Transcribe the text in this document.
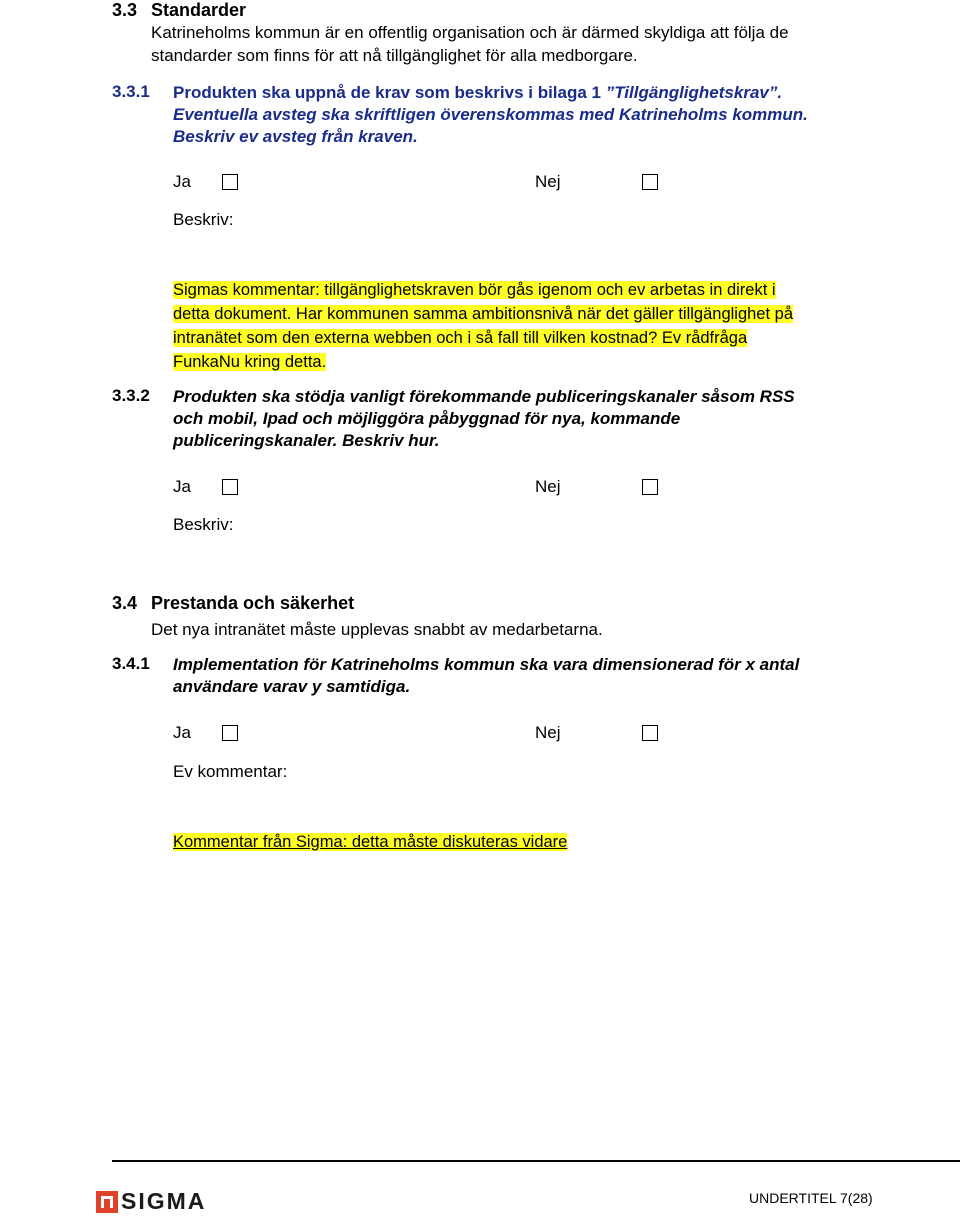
3.3 Standarder
Katrineholms kommun är en offentlig organisation och är därmed skyldiga att följa de
standarder som finns för att nå tillgänglighet för alla medborgare.
3.3.1 Produkten ska uppnå de krav som beskrivs i bilaga 1 ”Tillgänglighetskrav”.
Eventuella avsteg ska skriftligen överenskommas med Katrineholms kommun.
Beskriv ev avsteg från kraven.
Ja	Nej
Beskriv:
Sigmas kommentar: tillgänglighetskraven bör gås igenom och ev arbetas in direkt i
detta dokument. Har kommunen samma ambitionsnivå när det gäller tillgänglighet på
intranätet som den externa webben och i så fall till vilken kostnad? Ev rådfråga
FunkaNu kring detta.
3.3.2 Produkten ska stödja vanligt förekommande publiceringskanaler såsom RSS
och mobil, Ipad och möjliggöra påbyggnad för nya, kommande
publiceringskanaler. Beskriv hur.
Ja	Nej
Beskriv:
3.4 Prestanda och säkerhet
Det nya intranätet måste upplevas snabbt av medarbetarna.
3.4.1 Implementation för Katrineholms kommun ska vara dimensionerad för x antal
användare varav y samtidiga.
Ja	Nej
Ev kommentar:
Kommentar från Sigma: detta måste diskuteras vidare
SIGMA	UNDERTITEL 7(28)
